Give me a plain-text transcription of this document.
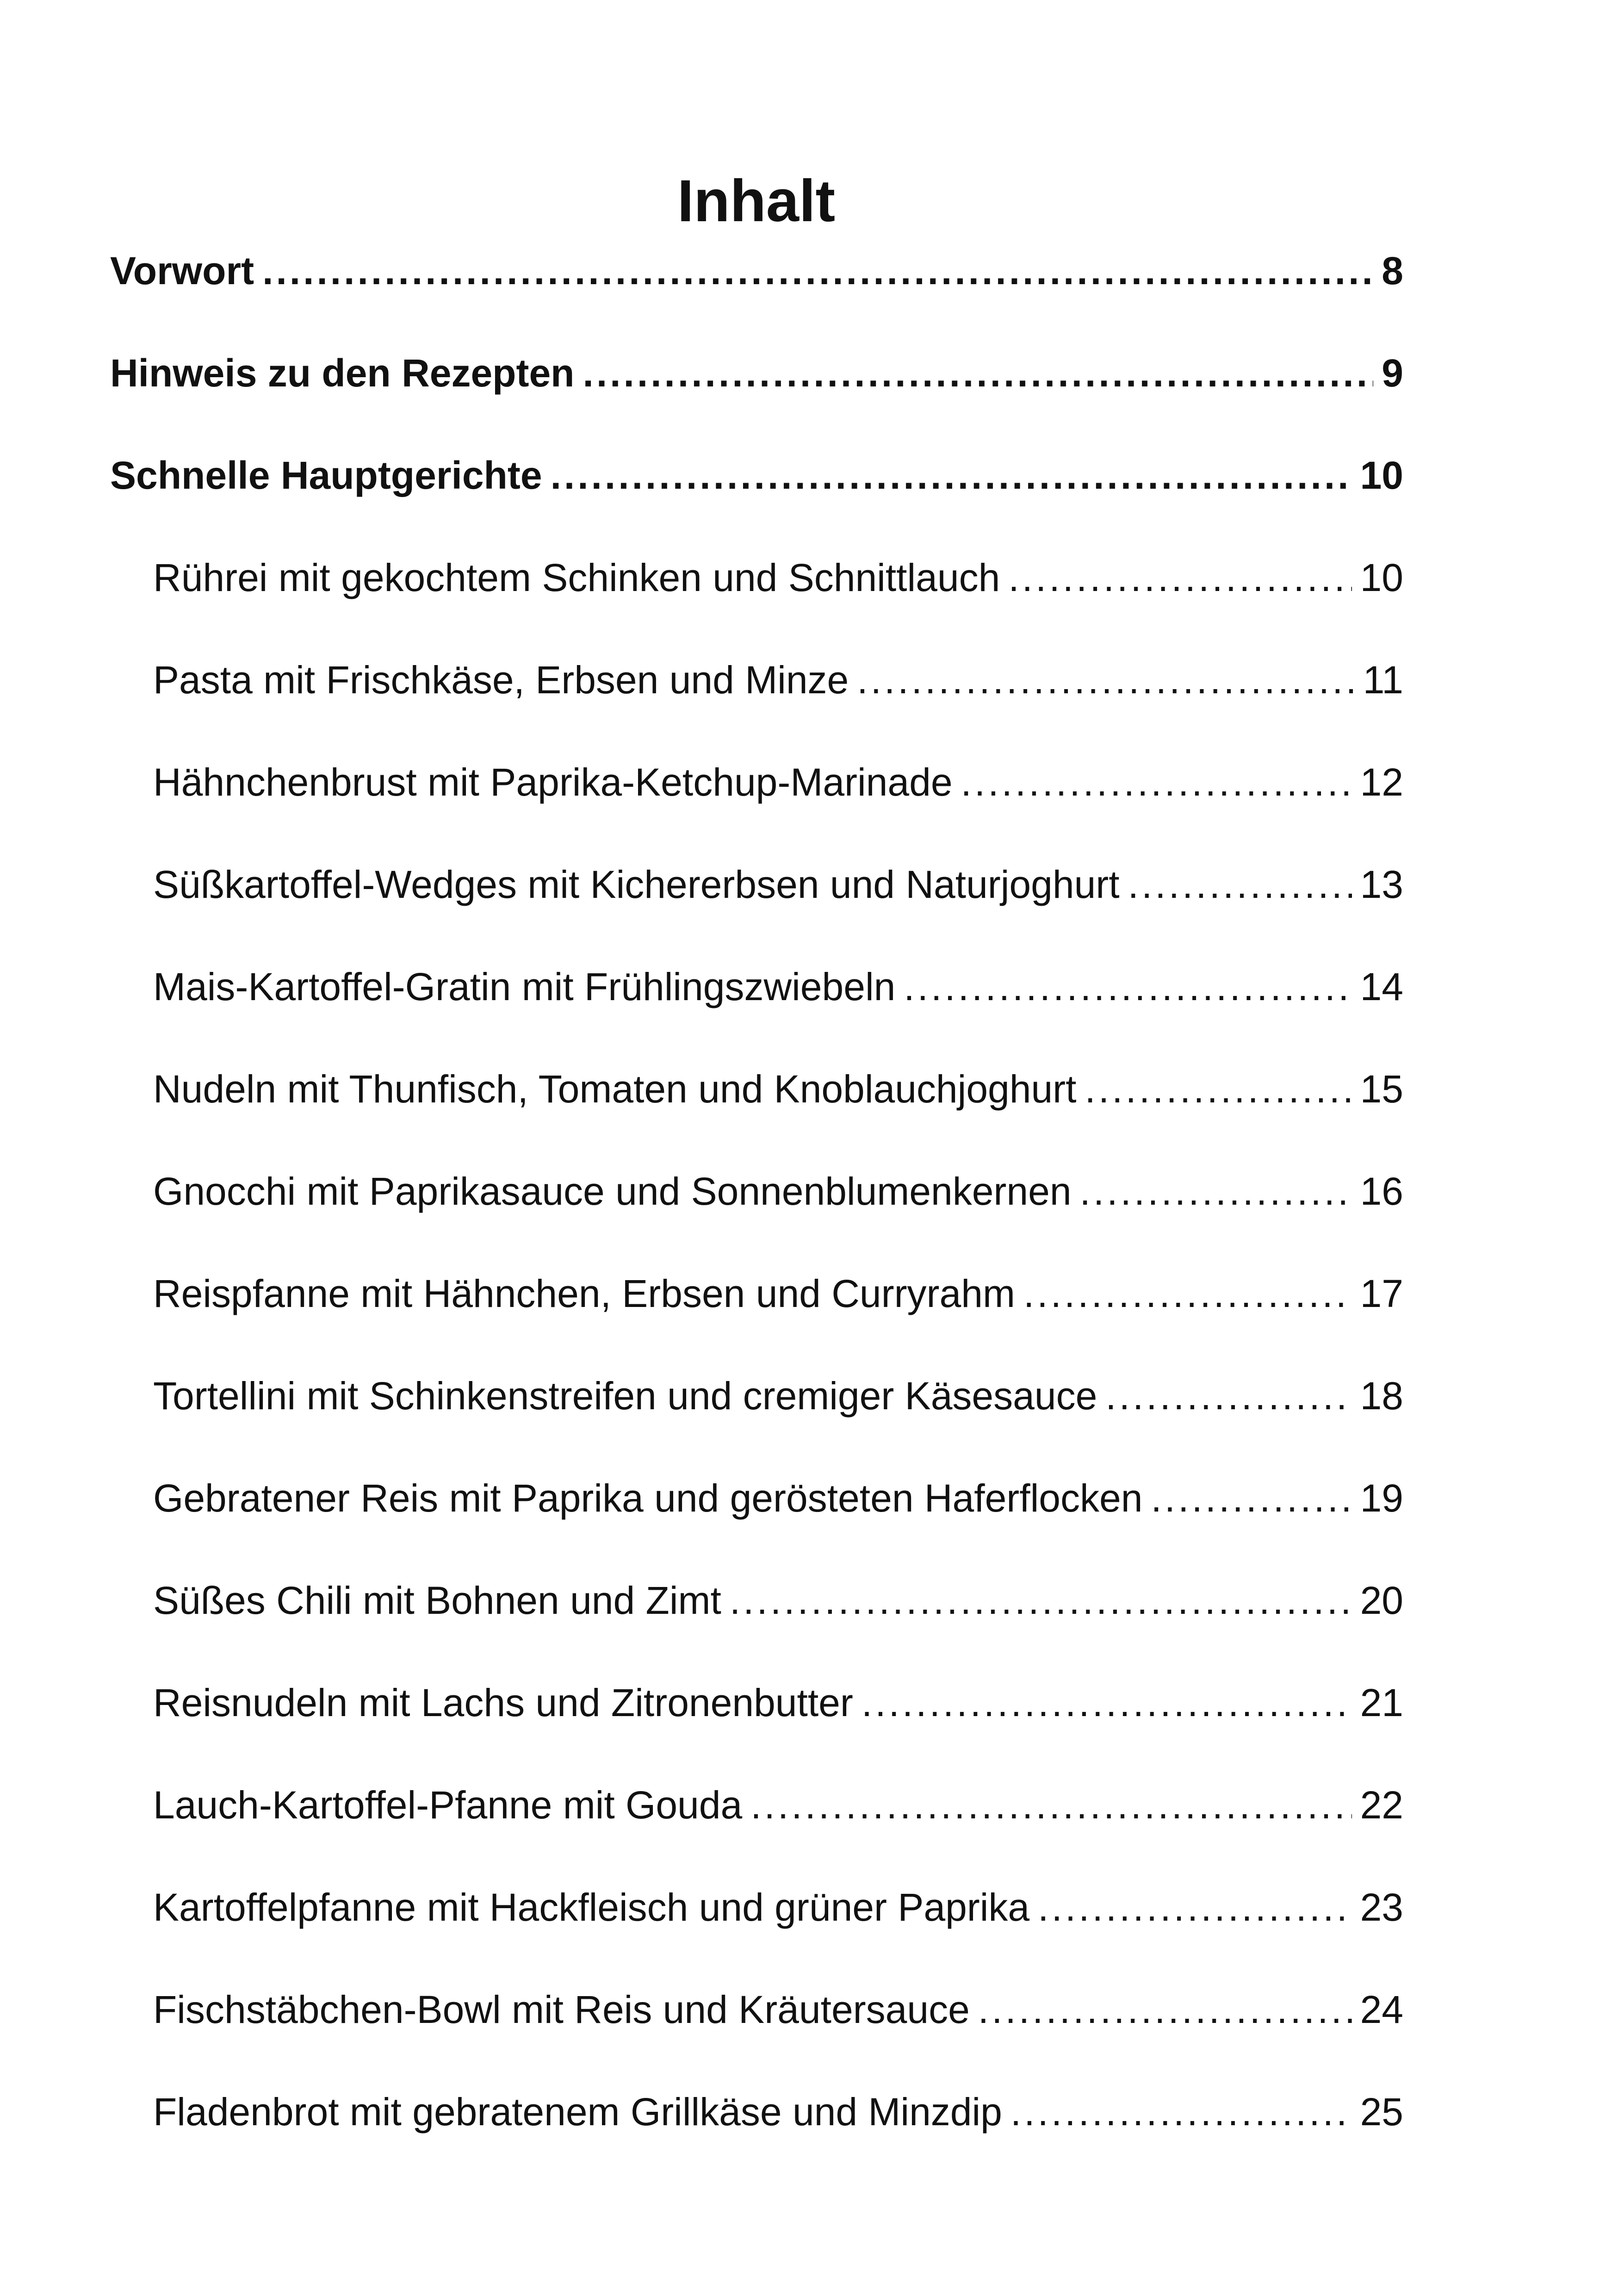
Inhalt
Vorwort .....	8
Hinweis zu den Rezepten .....	9
Schnelle Hauptgerichte .....	10
Rührei mit gekochtem Schinken und Schnittlauch .....	10
Pasta mit Frischkäse, Erbsen und Minze .....	11
Hähnchenbrust mit Paprika-Ketchup-Marinade .....	12
Süßkartoffel-Wedges mit Kichererbsen und Naturjoghurt .....	13
Mais-Kartoffel-Gratin mit Frühlingszwiebeln .....	14
Nudeln mit Thunfisch, Tomaten und Knoblauchjoghurt .....	15
Gnocchi mit Paprikasauce und Sonnenblumenkernen .....	16
Reispfanne mit Hähnchen, Erbsen und Curryrahm .....	17
Tortellini mit Schinkenstreifen und cremiger Käsesauce .....	18
Gebratener Reis mit Paprika und gerösteten Haferflocken .....	19
Süßes Chili mit Bohnen und Zimt .....	20
Reisnudeln mit Lachs und Zitronenbutter .....	21
Lauch-Kartoffel-Pfanne mit Gouda .....	22
Kartoffelpfanne mit Hackfleisch und grüner Paprika .....	23
Fischstäbchen-Bowl mit Reis und Kräutersauce .....	24
Fladenbrot mit gebratenem Grillkäse und Minzdip .....	25
